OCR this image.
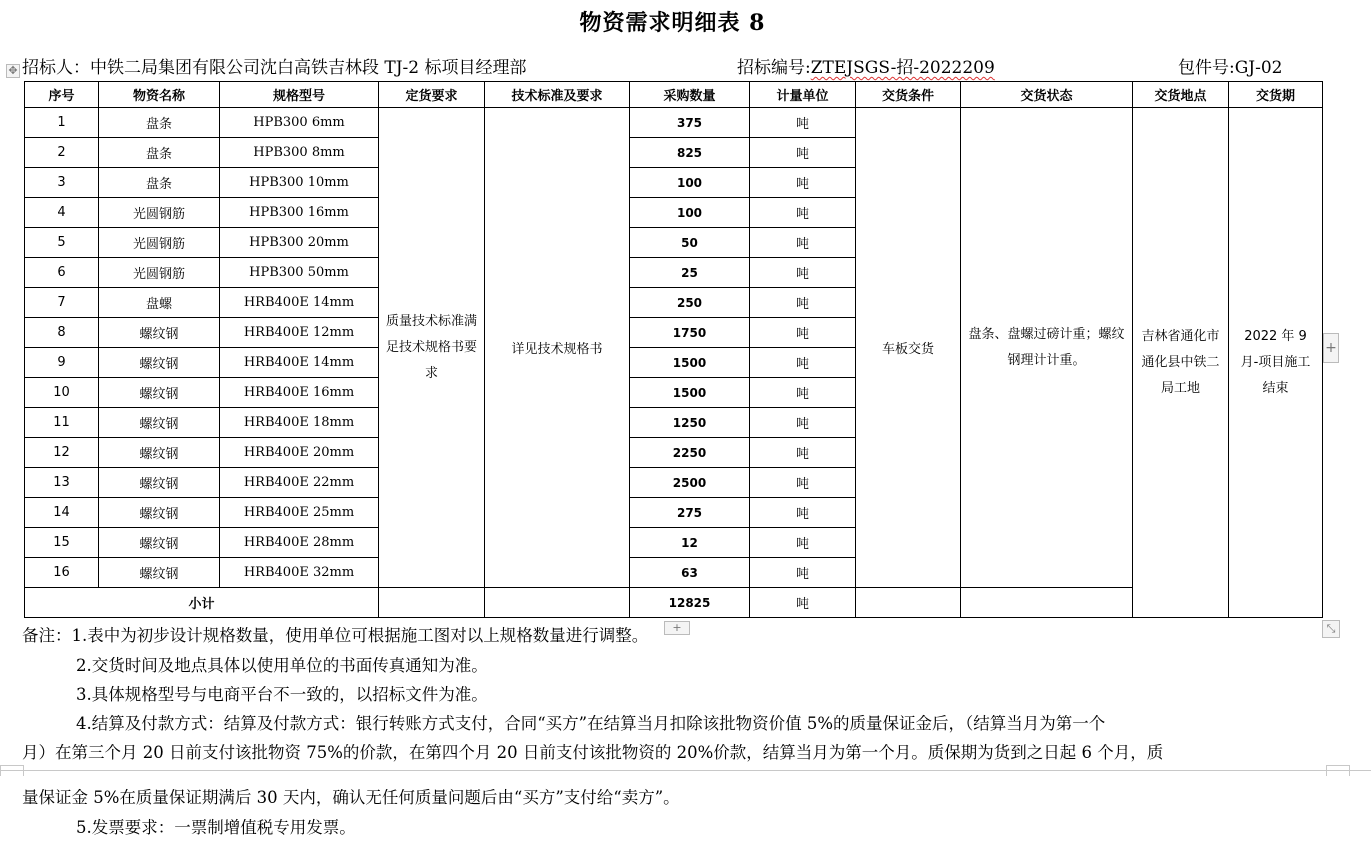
物资需求明细表 8
✥ 招标人：中铁二局集团有限公司沈白高铁吉林段 TJ-2 标项目经理部	招标编号:ZTEJSGS-招-2022209	包件号:GJ-02
序号	物资名称	规格型号	定货要求	技术标准及要求	采购数量	计量单位	交货条件	交货状态	交货地点	交货期
1	盘条	HPB300 6mm	质量技术标准满足技术规格书要求	详见技术规格书	375	吨	车板交货	盘条、盘螺过磅计重；螺纹钢理计计重。	吉林省通化市通化县中铁二局工地	2022 年 9 月-项目施工结束
2	盘条	HPB300 8mm			825	吨				
3	盘条	HPB300 10mm			100	吨				
4	光圆钢筋	HPB300 16mm			100	吨				
5	光圆钢筋	HPB300 20mm			50	吨				
6	光圆钢筋	HPB300 50mm			25	吨				
7	盘螺	HRB400E 14mm			250	吨				
8	螺纹钢	HRB400E 12mm			1750	吨				
9	螺纹钢	HRB400E 14mm			1500	吨				
10	螺纹钢	HRB400E 16mm			1500	吨				
11	螺纹钢	HRB400E 18mm			1250	吨				
12	螺纹钢	HRB400E 20mm			2250	吨				
13	螺纹钢	HRB400E 22mm			2500	吨				
14	螺纹钢	HRB400E 25mm			275	吨				
15	螺纹钢	HRB400E 28mm			12	吨				
16	螺纹钢	HRB400E 32mm			63	吨				
小计					12825	吨				
+
+	⤡
备注：1.表中为初步设计规格数量，使用单位可根据施工图对以上规格数量进行调整。
2.交货时间及地点具体以使用单位的书面传真通知为准。
3.具体规格型号与电商平台不一致的，以招标文件为准。
4.结算及付款方式：结算及付款方式：银行转账方式支付，合同“买方”在结算当月扣除该批物资价值 5%的质量保证金后，（结算当月为第一个
月）在第三个月 20 日前支付该批物资 75%的价款，在第四个月 20 日前支付该批物资的 20%价款，结算当月为第一个月。质保期为货到之日起 6 个月，质
量保证金 5%在质量保证期满后 30 天内，确认无任何质量问题后由“买方”支付给“卖方”。
5.发票要求：一票制增值税专用发票。
